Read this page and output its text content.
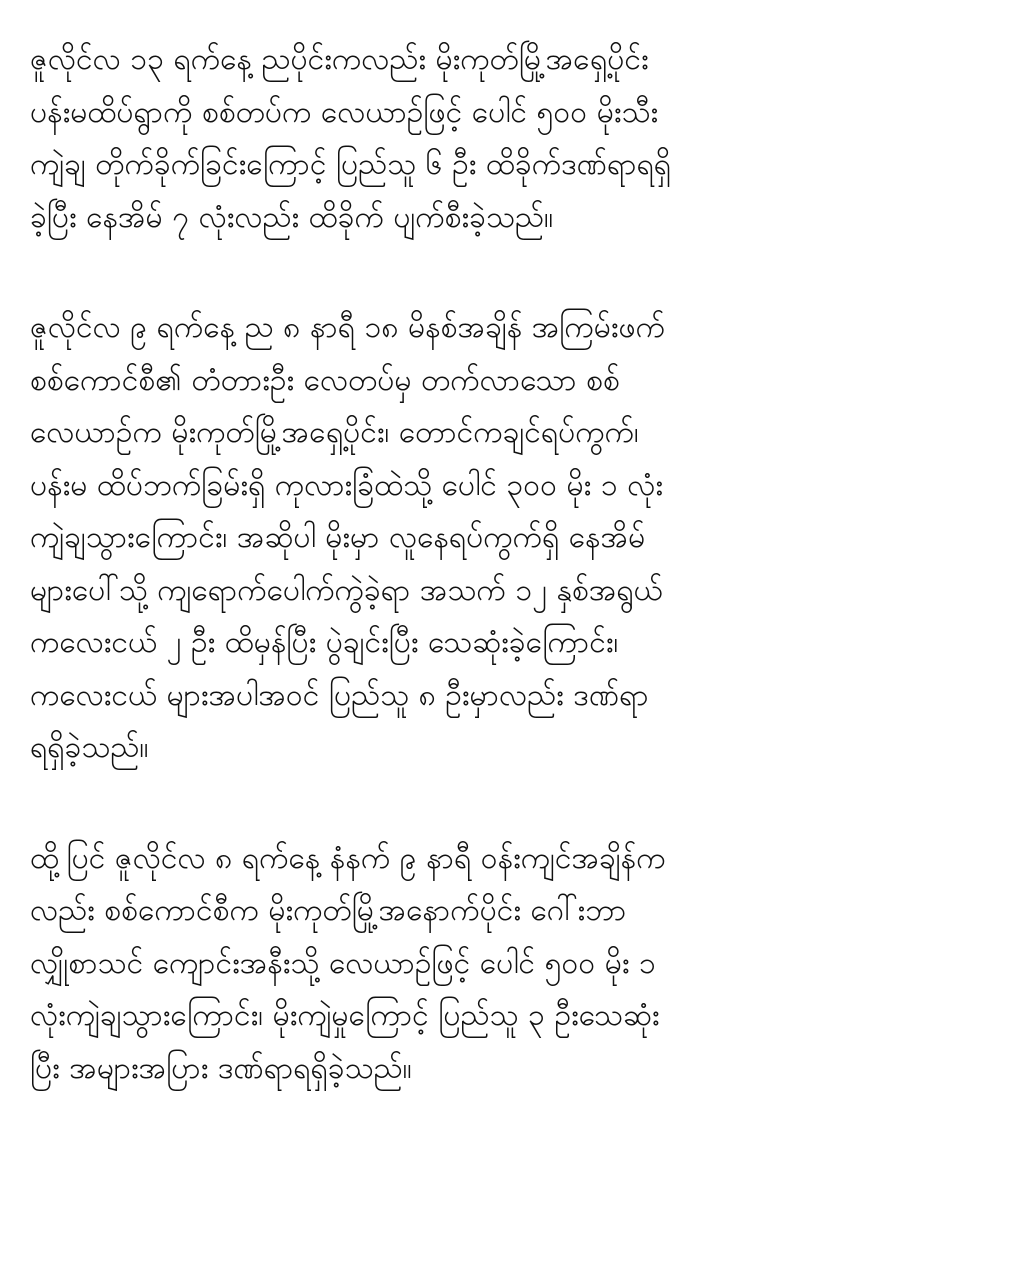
ဇူလိုင်လ ၁၃ ရက်နေ့ ညပိုင်းကလည်း မိုးကုတ်မြို့အရှေ့ပိုင်း
ပန်းမထိပ်ရွာကို စစ်တပ်က လေယာဉ်ဖြင့် ပေါင် ၅၀၀ မိုးသီး
ကျဲချ တိုက်ခိုက်ခြင်းကြောင့် ပြည်သူ ၆ ဦး ထိခိုက်ဒဏ်ရာရရှိ
ခဲ့ပြီး နေအိမ် ၇ လုံးလည်း ထိခိုက် ပျက်စီးခဲ့သည်။

ဇူလိုင်လ ၉ ရက်နေ့ ည ၈ နာရီ ၁၈ မိနစ်အချိန် အကြမ်းဖက်
စစ်ကောင်စီ၏ တံတားဦး လေတပ်မှ တက်လာသော စစ်
လေယာဉ်က မိုးကုတ်မြို့အရှေ့ပိုင်း၊ တောင်ကချင်ရပ်ကွက်၊
ပန်းမ ထိပ်ဘက်ခြမ်းရှိ ကုလားခြံထဲသို့ ပေါင် ၃၀၀ မိုး ၁ လုံး
ကျဲချသွားကြောင်း၊ အဆိုပါ မိုးမှာ လူနေရပ်ကွက်ရှိ နေအိမ်
များပေါ်သို့ ကျရောက်ပေါက်ကွဲခဲ့ရာ အသက် ၁၂ နှစ်အရွယ်
ကလေးငယ် ၂ ဦး ထိမှန်ပြီး ပွဲချင်းပြီး သေဆုံးခဲ့ကြောင်း၊
ကလေးငယ် များအပါအဝင် ပြည်သူ ၈ ဦးမှာလည်း ဒဏ်ရာ
ရရှိခဲ့သည်။

ထို့ပြင် ဇူလိုင်လ ၈ ရက်နေ့ နံနက် ၉ နာရီ ဝန်းကျင်အချိန်က
လည်း စစ်ကောင်စီက မိုးကုတ်မြို့အနောက်ပိုင်း ဂေါ်းဘာ
လျှိုစာသင် ကျောင်းအနီးသို့ လေယာဉ်ဖြင့် ပေါင် ၅၀၀ မိုး ၁
လုံးကျဲချသွားကြောင်း၊ မိုးကျဲမှုကြောင့် ပြည်သူ ၃ ဦးသေဆုံး
ပြီး အများအပြား ဒဏ်ရာရရှိခဲ့သည်။
